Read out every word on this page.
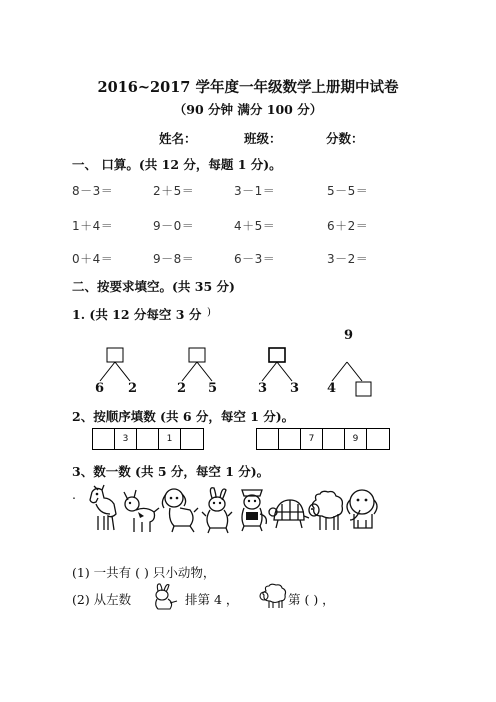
2016~2017 学年度一年级数学上册期中试卷
（90 分钟 满分 100 分）
姓名：	班级：	分数：
一、 口算。(共 12 分，每题 1 分)。
8－3＝	2＋5＝	3－1＝	5－5＝
1＋4＝	9－0＝	4＋5＝	6＋2＝
0＋4＝	9－8＝	6－3＝	3－2＝
二、按要求填空。(共 35 分)
1. (共 12 分每空 3 分 )
6 2	2 5	3 3
9
4
2、按顺序填数 (共 6 分，每空 1 分)。
3	1	7	9
3、数一数 (共 5 分，每空 1 分)。
.
(1) 一共有 ( ) 只小动物，
(2) 从左数	排第 4 ，	第 ( ) ，
